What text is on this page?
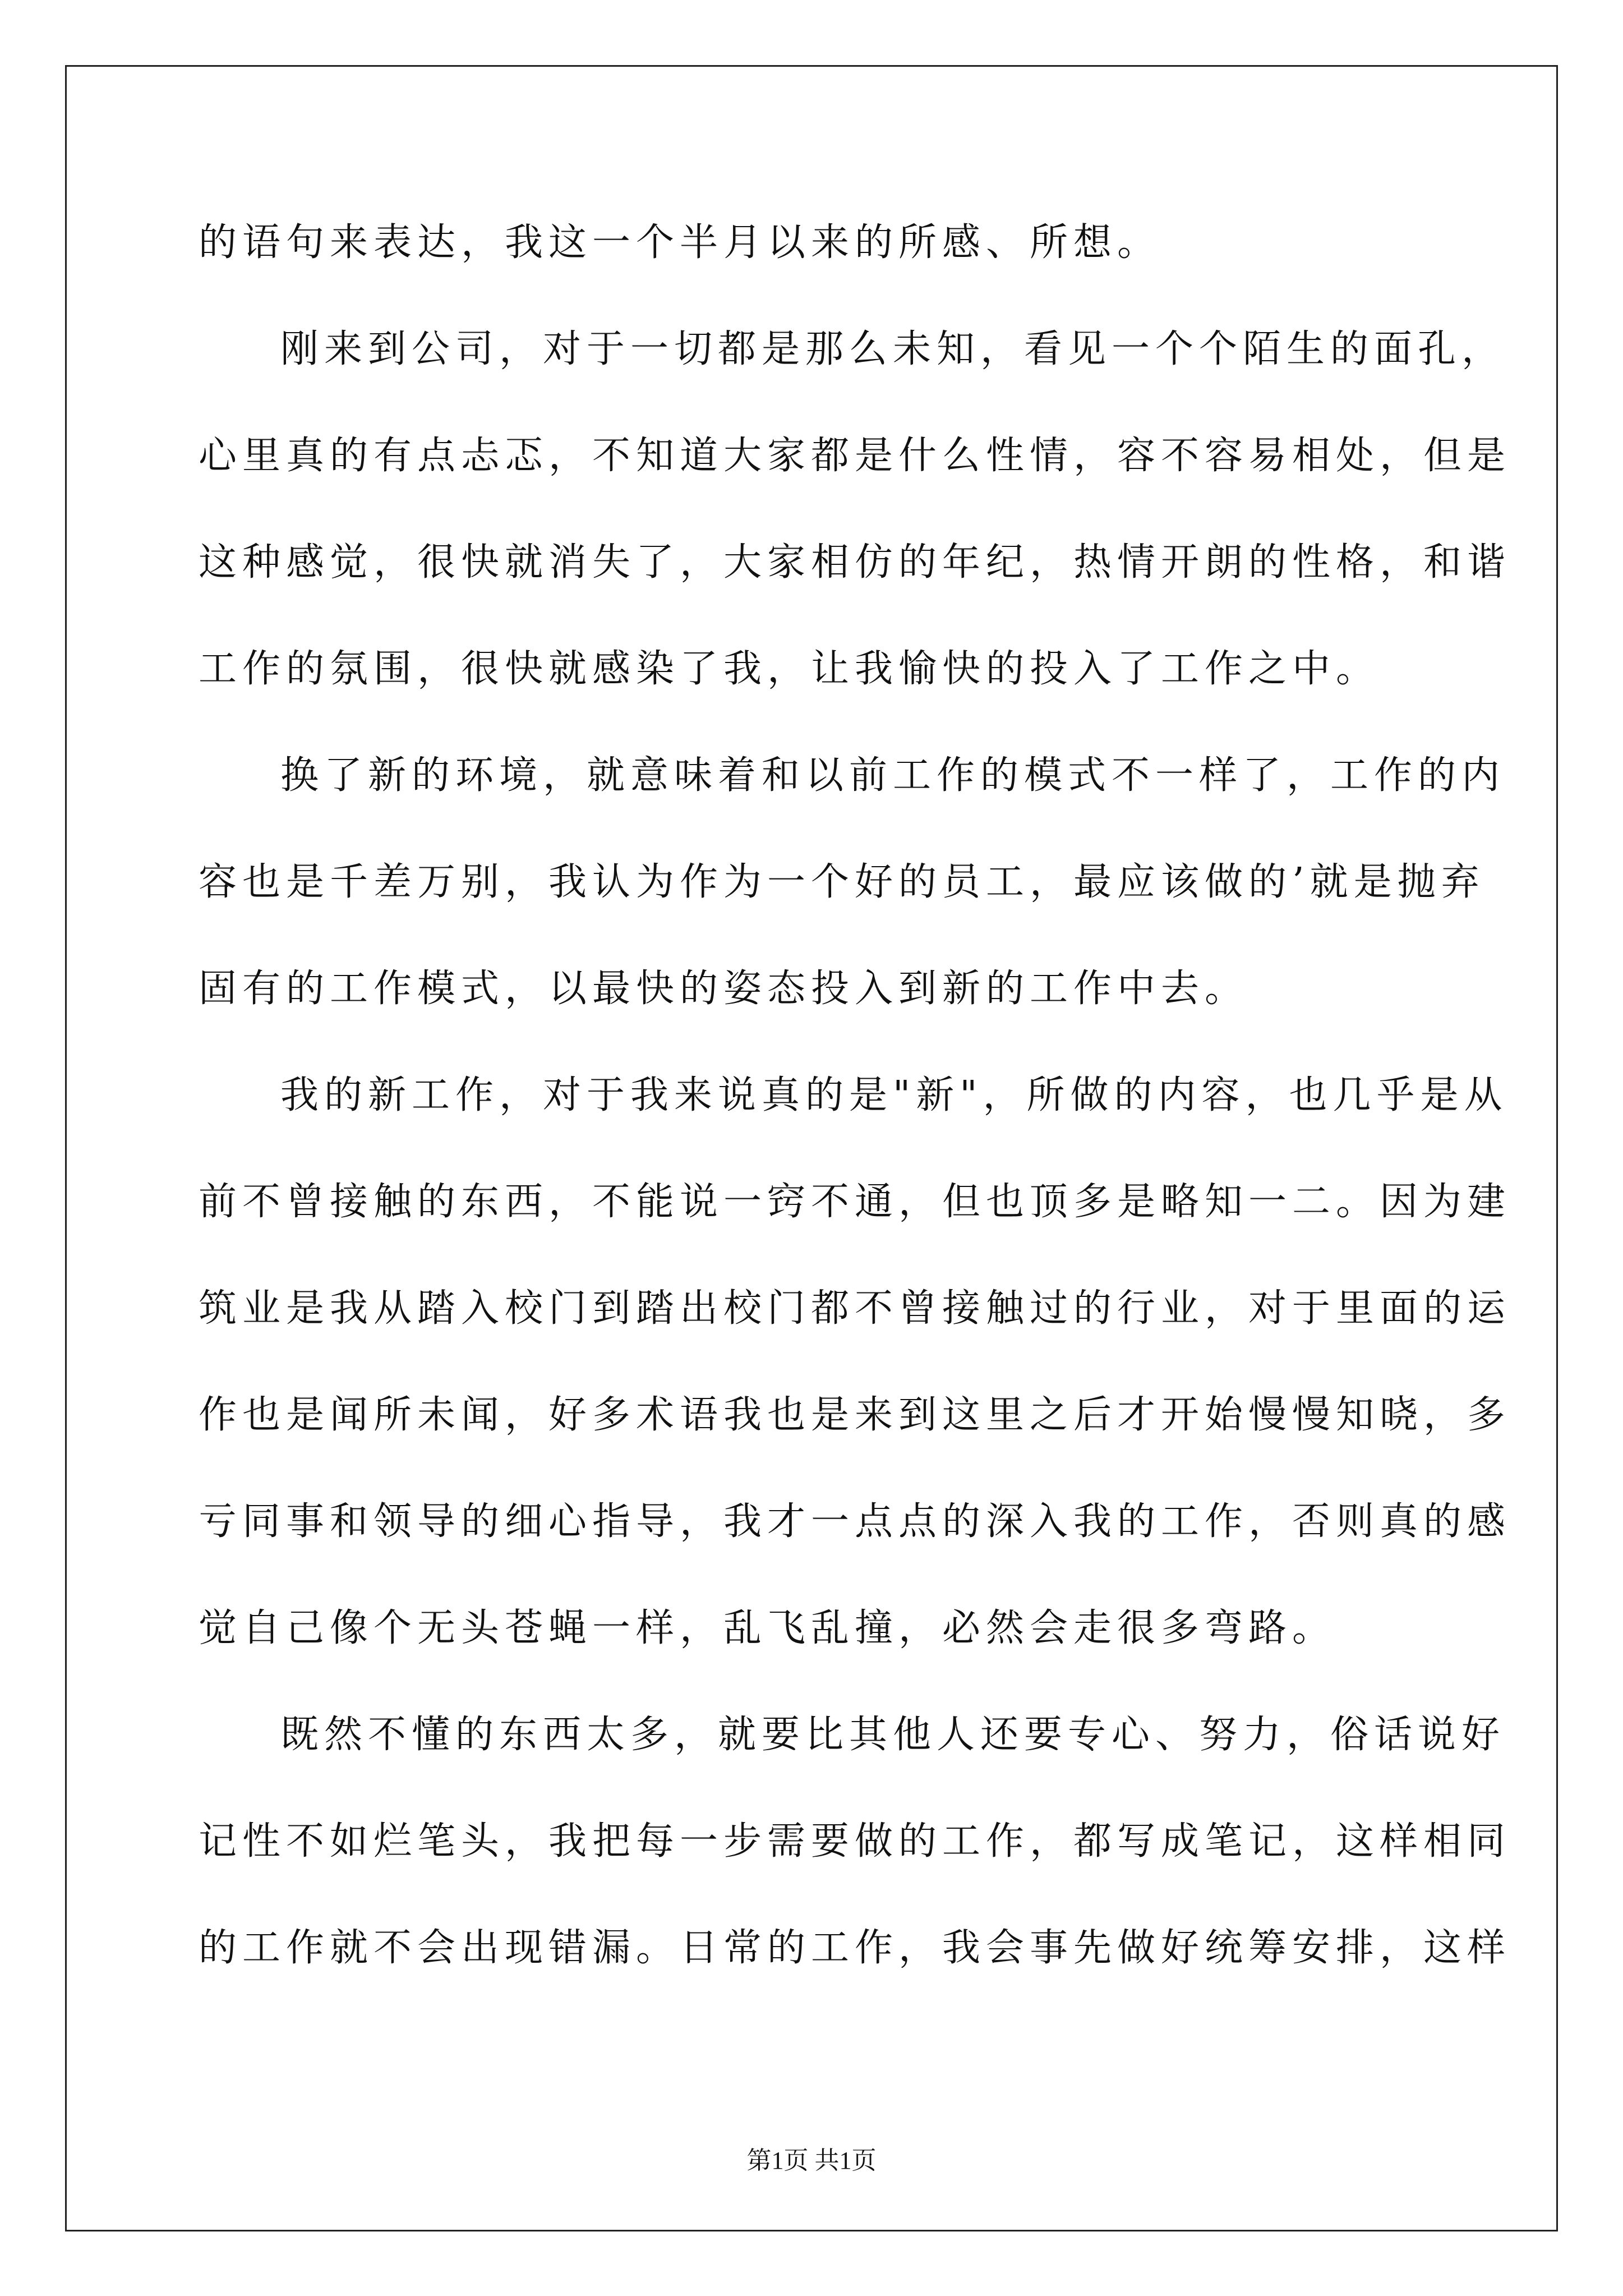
的语句来表达，我这一个半月以来的所感、所想。
刚来到公司，对于一切都是那么未知，看见一个个陌生的面孔，
心里真的有点忐忑，不知道大家都是什么性情，容不容易相处，但是
这种感觉，很快就消失了，大家相仿的年纪，热情开朗的性格，和谐
工作的氛围，很快就感染了我，让我愉快的投入了工作之中。
换了新的环境，就意味着和以前工作的模式不一样了，工作的内
容也是千差万别，我认为作为一个好的员工，最应该做的’就是抛弃
固有的工作模式，以最快的姿态投入到新的工作中去。
我的新工作，对于我来说真的是"新"，所做的内容，也几乎是从
前不曾接触的东西，不能说一窍不通，但也顶多是略知一二。因为建
筑业是我从踏入校门到踏出校门都不曾接触过的行业，对于里面的运
作也是闻所未闻，好多术语我也是来到这里之后才开始慢慢知晓，多
亏同事和领导的细心指导，我才一点点的深入我的工作，否则真的感
觉自己像个无头苍蝇一样，乱飞乱撞，必然会走很多弯路。
既然不懂的东西太多，就要比其他人还要专心、努力，俗话说好
记性不如烂笔头，我把每一步需要做的工作，都写成笔记，这样相同
的工作就不会出现错漏。日常的工作，我会事先做好统筹安排，这样
第1页 共1页
